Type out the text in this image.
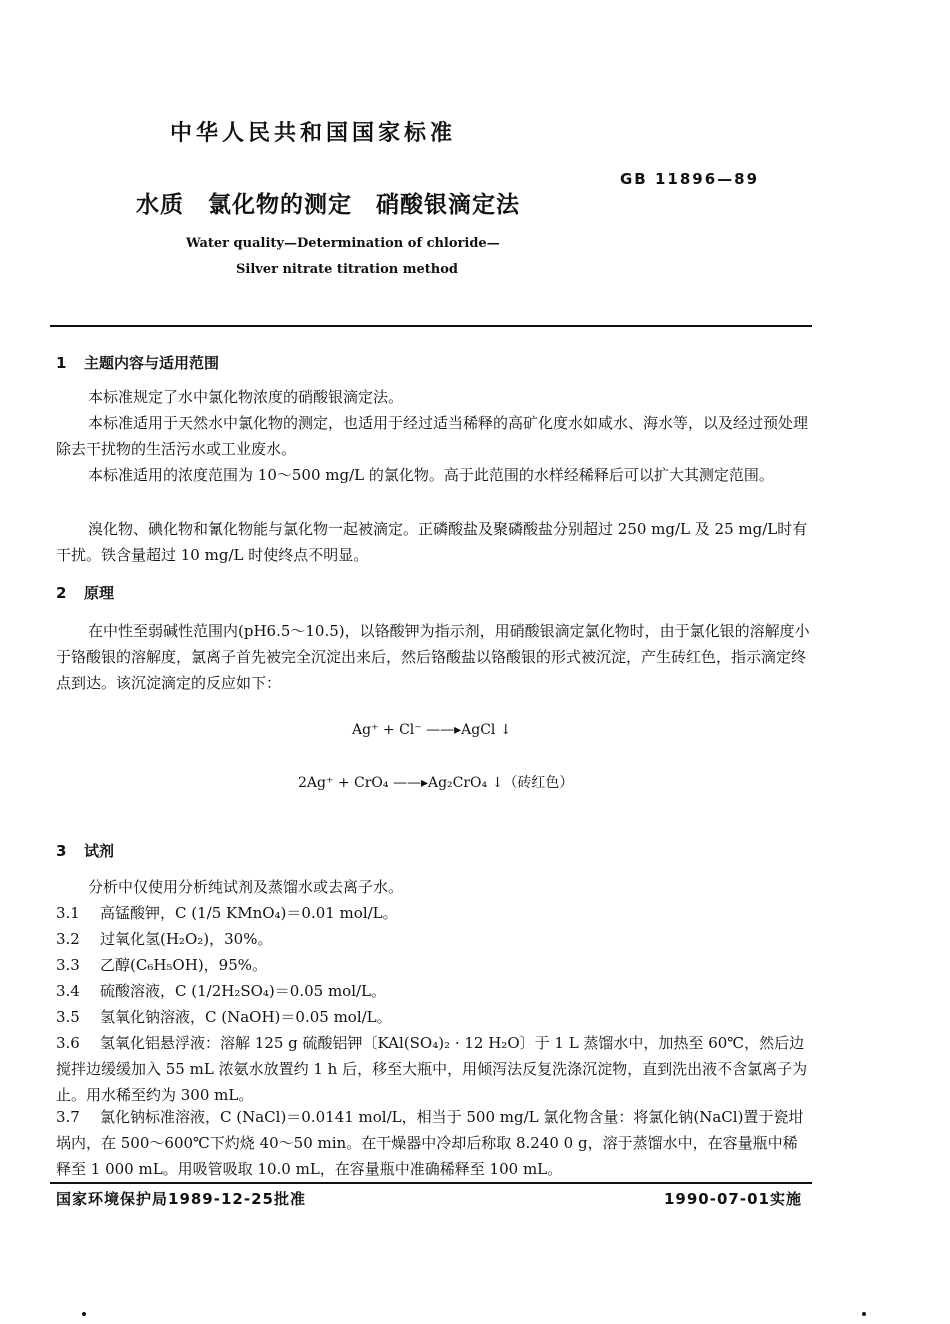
中华人民共和国国家标准
GB 11896—89
水质　氯化物的测定　硝酸银滴定法
Water quality—Determination of chloride—
Silver nitrate titration method
1 主题内容与适用范围
本标准规定了水中氯化物浓度的硝酸银滴定法。
本标准适用于天然水中氯化物的测定，也适用于经过适当稀释的高矿化度水如咸水、海水等，以及经过预处理除去干扰物的生活污水或工业废水。
本标准适用的浓度范围为 10～500 mg/L 的氯化物。高于此范围的水样经稀释后可以扩大其测定范围。
溴化物、碘化物和氰化物能与氯化物一起被滴定。正磷酸盐及聚磷酸盐分别超过 250 mg/L 及 25 mg/L时有干扰。铁含量超过 10 mg/L 时使终点不明显。
2 原理
在中性至弱碱性范围内(pH6.5～10.5)，以铬酸钾为指示剂，用硝酸银滴定氯化物时，由于氯化银的溶解度小于铬酸银的溶解度，氯离子首先被完全沉淀出来后，然后铬酸盐以铬酸银的形式被沉淀，产生砖红色，指示滴定终点到达。该沉淀滴定的反应如下：
Ag⁺ + Cl⁻ ——▸AgCl ↓
2Ag⁺ + CrO₄ ——▸Ag₂CrO₄ ↓（砖红色）
3 试剂
分析中仅使用分析纯试剂及蒸馏水或去离子水。
3.1 高锰酸钾，C (1/5 KMnO₄)＝0.01 mol/L。
3.2 过氧化氢(H₂O₂)，30%。
3.3 乙醇(C₆H₅OH)，95%。
3.4 硫酸溶液，C (1/2H₂SO₄)＝0.05 mol/L。
3.5 氢氧化钠溶液，C (NaOH)＝0.05 mol/L。
3.6 氢氧化铝悬浮液：溶解 125 g 硫酸铝钾〔KAl(SO₄)₂ · 12 H₂O〕于 1 L 蒸馏水中，加热至 60℃，然后边搅拌边缓缓加入 55 mL 浓氨水放置约 1 h 后，移至大瓶中，用倾泻法反复洗涤沉淀物，直到洗出液不含氯离子为止。用水稀至约为 300 mL。
3.7 氯化钠标准溶液，C (NaCl)＝0.0141 mol/L，相当于 500 mg/L 氯化物含量：将氯化钠(NaCl)置于瓷坩埚内，在 500～600℃下灼烧 40～50 min。在干燥器中冷却后称取 8.240 0 g，溶于蒸馏水中，在容量瓶中稀释至 1 000 mL。用吸管吸取 10.0 mL，在容量瓶中准确稀释至 100 mL。
国家环境保护局1989-12-25批准	1990-07-01实施
